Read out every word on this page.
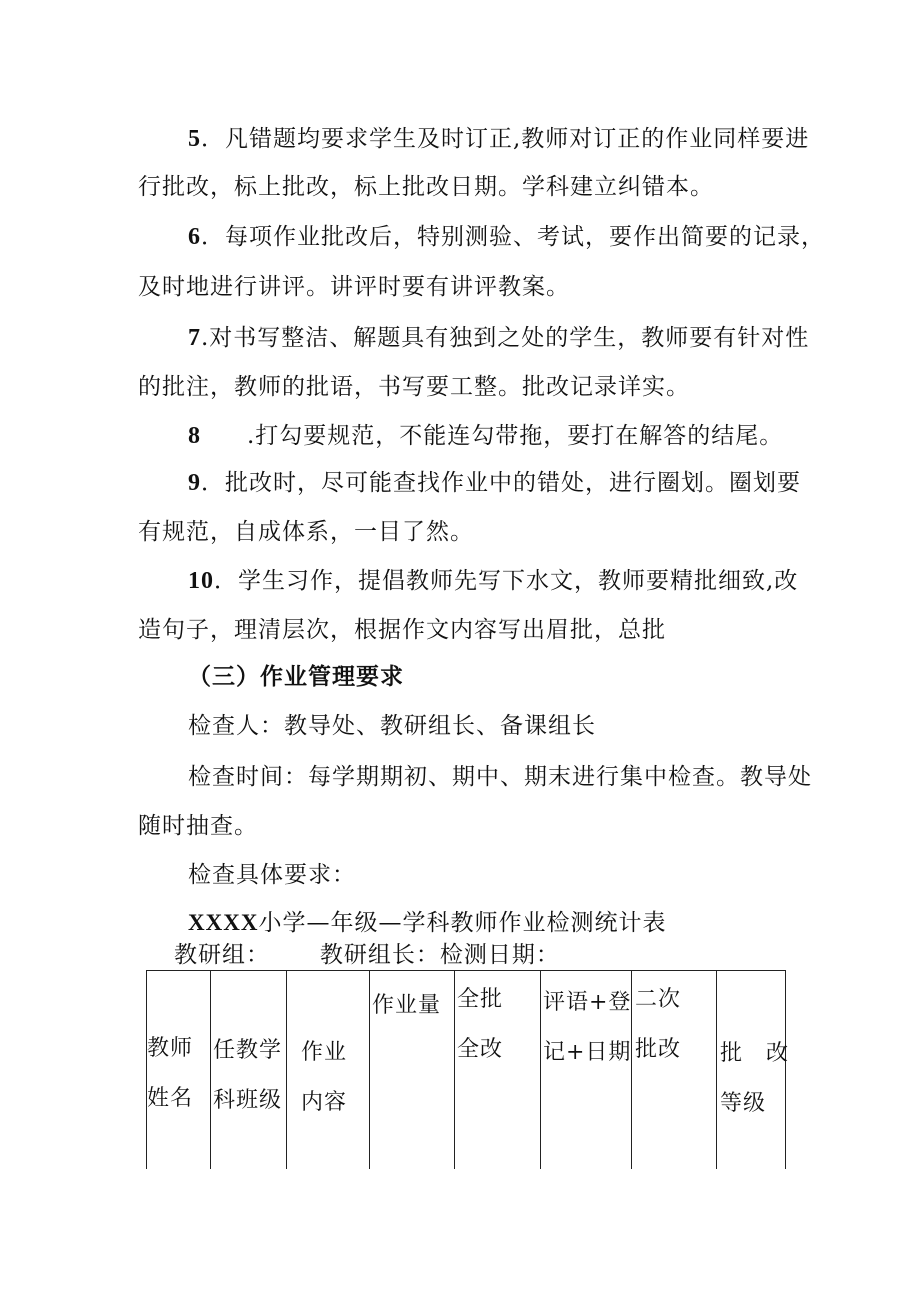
5．凡错题均要求学生及时订正,教师对订正的作业同样要进

行批改，标上批改，标上批改日期。学科建立纠错本。

6．每项作业批改后，特别测验、考试，要作出简要的记录，

及时地进行讲评。讲评时要有讲评教案。

7.对书写整洁、解题具有独到之处的学生，教师要有针对性

的批注，教师的批语，书写要工整。批改记录详实。

8 .打勾要规范，不能连勾带拖，要打在解答的结尾。

9．批改时，尽可能查找作业中的错处，进行圈划。圈划要

有规范，自成体系，一目了然。

10．学生习作，提倡教师先写下水文，教师要精批细致,改

造句子，理清层次，根据作文内容写出眉批，总批

（三）作业管理要求

检查人：教导处、教研组长、备课组长

检查时间：每学期期初、期中、期末进行集中检查。教导处

随时抽查。

检查具体要求：

XXXX小学—年级—学科教师作业检测统计表

教研组：      教研组长：检测日期：

教师
姓名
任教学
科班级
作业
内容
作业量 全批
全改
评语+登
记+日期
二次
批改 批　改
等级
